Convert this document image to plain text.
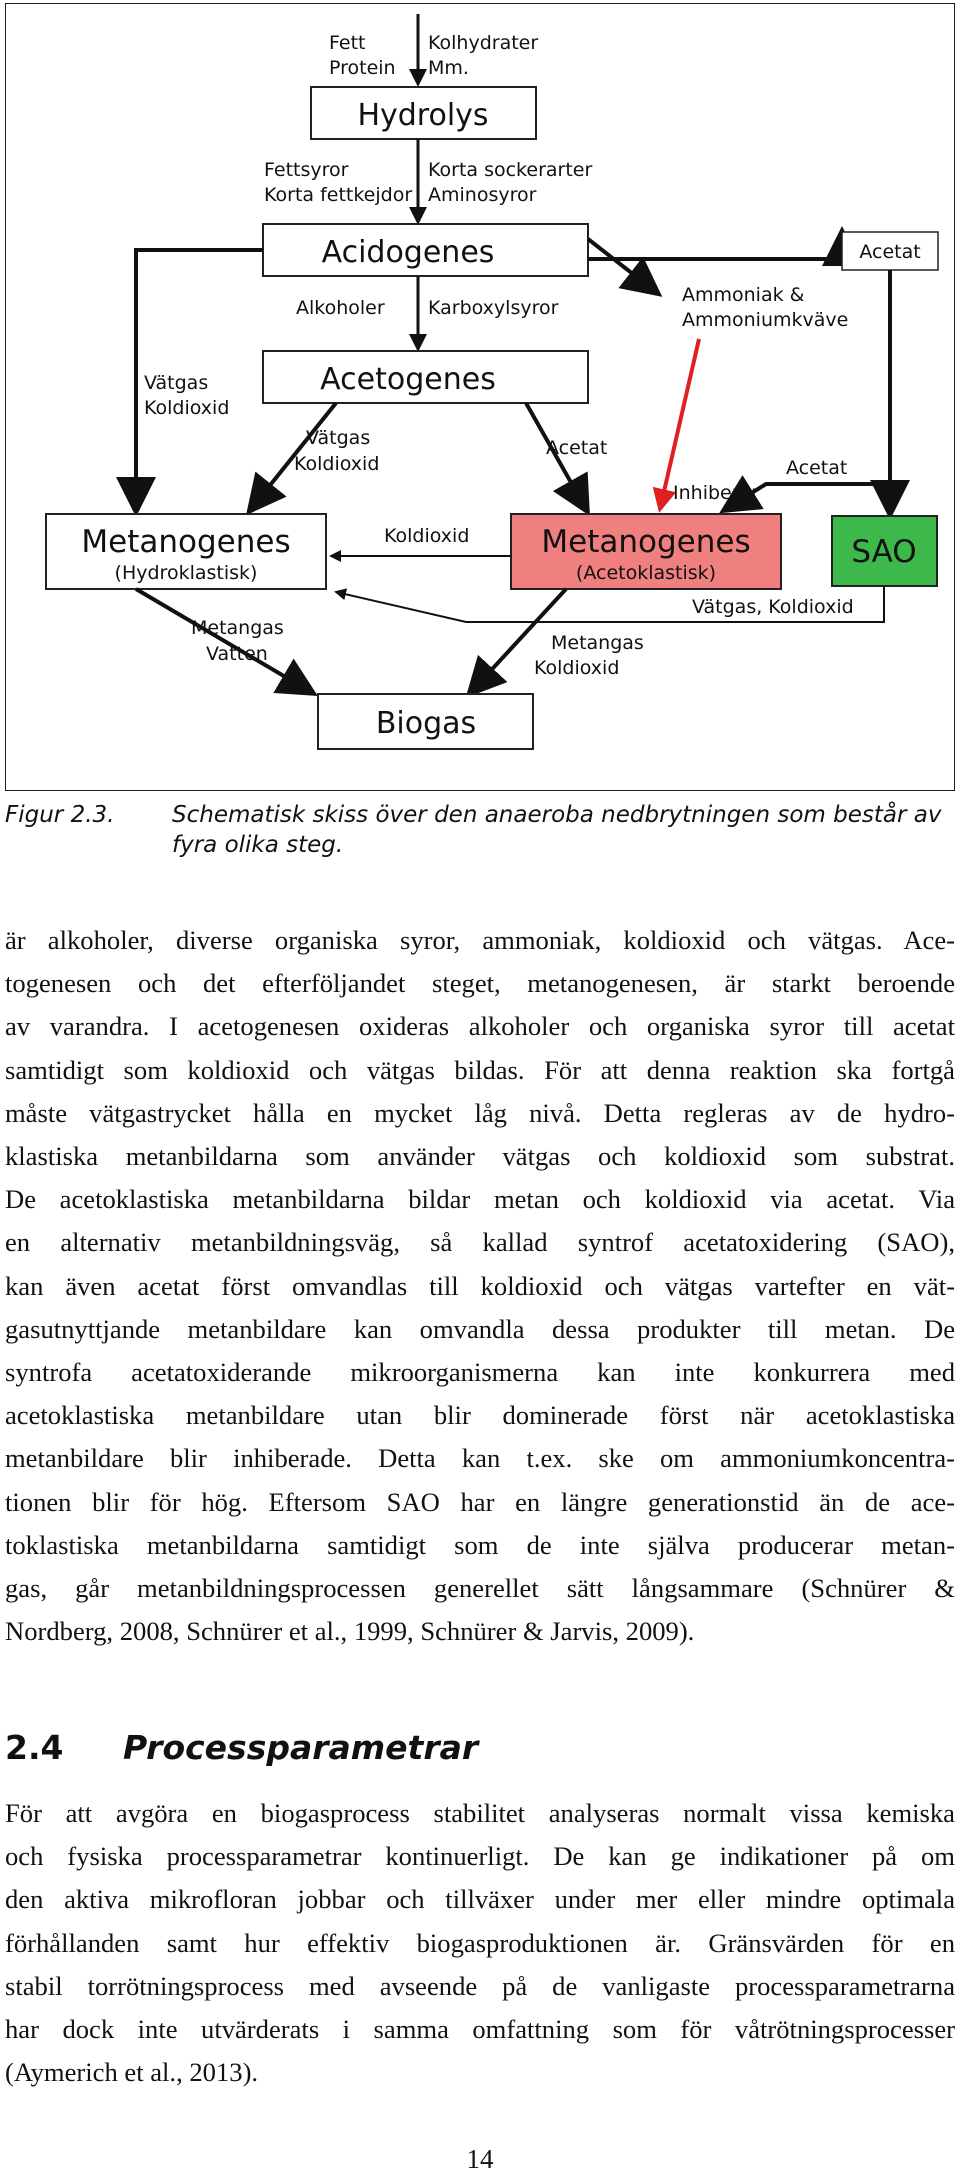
Fett
Protein
Kolhydrater
Mm.
Hydrolys
Fettsyror
Korta fettkejdor
Korta sockerarter
Aminosyror
Acidogenes
Alkoholer Karboxylsyror
Acetogenes
Vätgas
Koldioxid
Vätgas
Koldioxid
Acetat
Ammoniak &
Ammoniumkväve
Acetat
Acetat
Inhiberar
Metanogenes
(Hydroklastisk)
Metanogenes
(Acetoklastisk)
SAO
Koldioxid
Vätgas, Koldioxid
Metangas
Vatten	Metangas
Koldioxid
Biogas
Figur 2.3.	Schematisk skiss över den anaeroba nedbrytningen som består av fyra olika steg.
är alkoholer, diverse organiska syror, ammoniak, koldioxid och vätgas. Ace-
togenesen och det efterföljandet steget, metanogenesen, är starkt beroende
av varandra. I acetogenesen oxideras alkoholer och organiska syror till acetat
samtidigt som koldioxid och vätgas bildas. För att denna reaktion ska fortgå
måste vätgastrycket hålla en mycket låg nivå. Detta regleras av de hydro-
klastiska metanbildarna som använder vätgas och koldioxid som substrat.
De acetoklastiska metanbildarna bildar metan och koldioxid via acetat. Via
en alternativ metanbildningsväg, så kallad syntrof acetatoxidering (SAO),
kan även acetat först omvandlas till koldioxid och vätgas vartefter en vät-
gasutnyttjande metanbildare kan omvandla dessa produkter till metan. De
syntrofa acetatoxiderande mikroorganismerna kan inte konkurrera med
acetoklastiska metanbildare utan blir dominerade först när acetoklastiska
metanbildare blir inhiberade. Detta kan t.ex. ske om ammoniumkoncentra-
tionen blir för hög. Eftersom SAO har en längre generationstid än de ace-
toklastiska metanbildarna samtidigt som de inte själva producerar metan-
gas, går metanbildningsprocessen generellet sätt långsammare (Schnürer &
Nordberg, 2008, Schnürer et al., 1999, Schnürer & Jarvis, 2009).
2.4 Processparametrar
För att avgöra en biogasprocess stabilitet analyseras normalt vissa kemiska
och fysiska processparametrar kontinuerligt. De kan ge indikationer på om
den aktiva mikrofloran jobbar och tillväxer under mer eller mindre optimala
förhållanden samt hur effektiv biogasproduktionen är. Gränsvärden för en
stabil torrötningsprocess med avseende på de vanligaste processparametrarna
har dock inte utvärderats i samma omfattning som för våtrötningsprocesser
(Aymerich et al., 2013).
14
